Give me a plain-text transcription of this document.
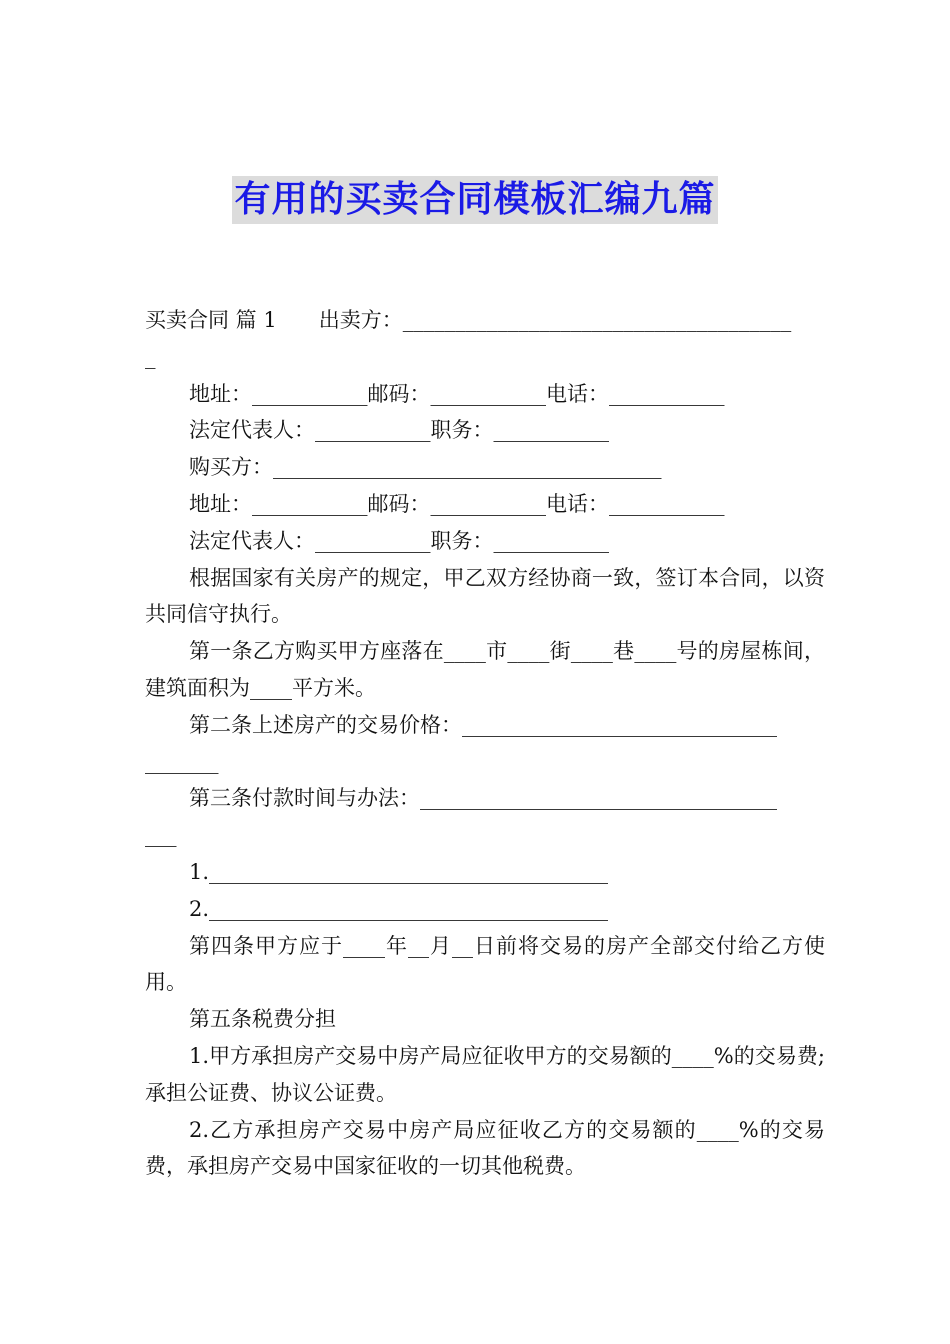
有用的买卖合同模板汇编九篇
买卖合同 篇 1　　出卖方：_____________________________________
_
地址：___________邮码：___________电话：___________
法定代表人：___________职务：___________
购买方：_____________________________________
地址：___________邮码：___________电话：___________
法定代表人：___________职务：___________
根据国家有关房产的规定，甲乙双方经协商一致，签订本合同，以资共同信守执行。
第一条乙方购买甲方座落在____市____街____巷____号的房屋栋间，建筑面积为____平方米。
第二条上述房产的交易价格：______________________________
_______
第三条付款时间与办法：__________________________________
___
1.______________________________________
2.______________________________________
第四条甲方应于____年__月__日前将交易的房产全部交付给乙方使用。
第五条税费分担
1.甲方承担房产交易中房产局应征收甲方的交易额的____%的交易费;承担公证费、协议公证费。
2.乙方承担房产交易中房产局应征收乙方的交易额的____%的交易费，承担房产交易中国家征收的一切其他税费。
